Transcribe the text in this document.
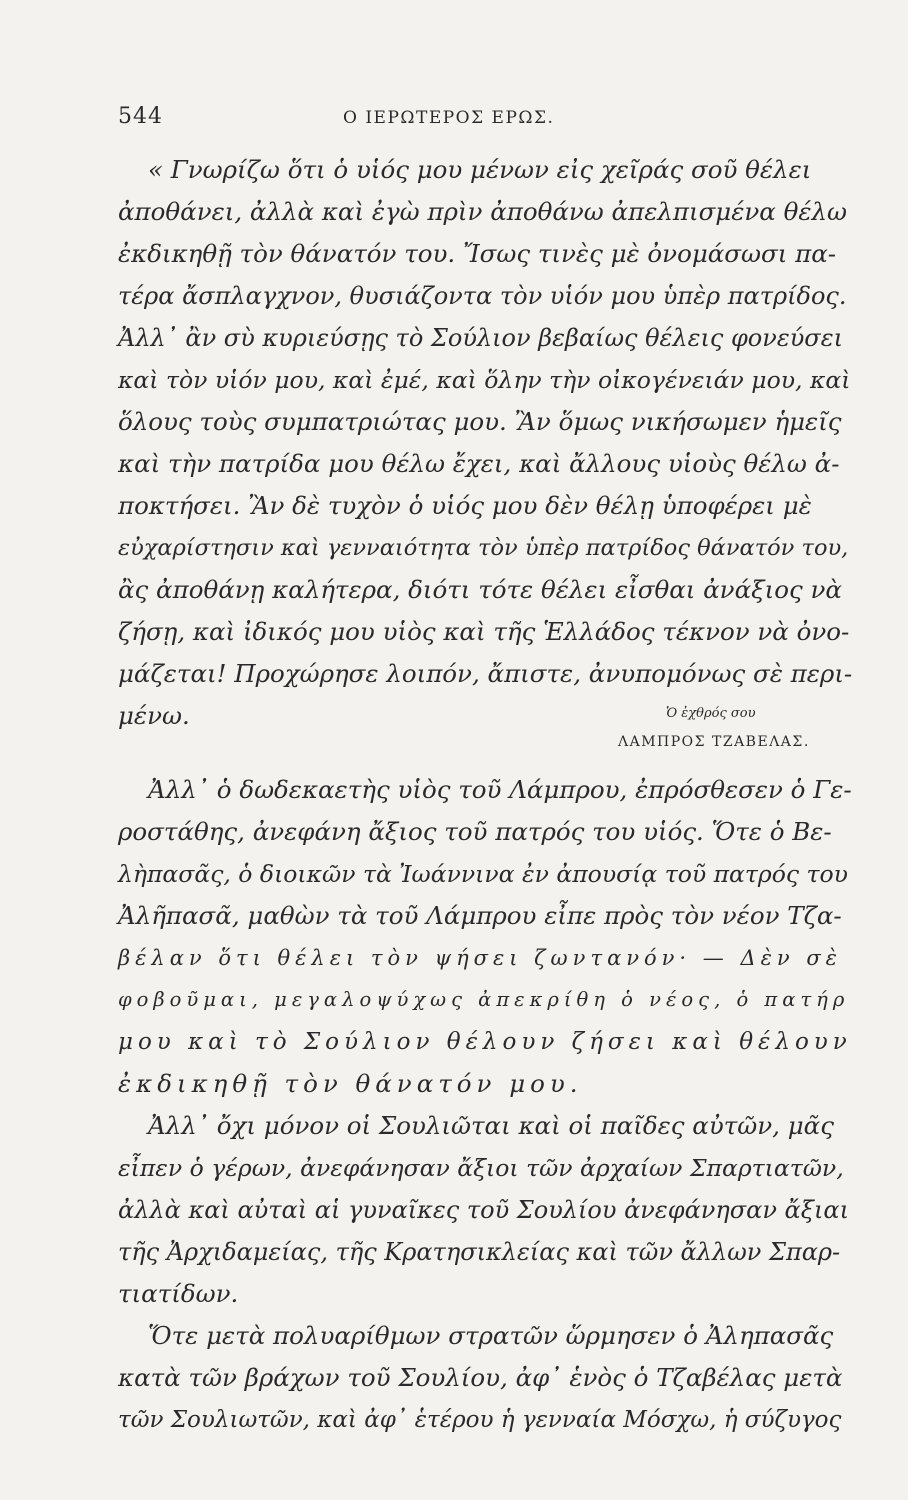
544	Ο ΙΕΡΩΤΕΡΟΣ ΕΡΩΣ.
« Γνωρίζω ὅτι ὁ υἱός μου μένων εἰς χεῖράς σοῦ θέλει
ἀποθάνει, ἀλλὰ καὶ ἐγὼ πρὶν ἀποθάνω ἀπελπισμένα θέλω
ἐκδικηθῇ τὸν θάνατόν του. Ἴσως τινὲς μὲ ὀνομάσωσι πα-
τέρα ἄσπλαγχνον, θυσιάζοντα τὸν υἱόν μου ὑπὲρ πατρίδος.
Ἀλλ᾽ ἂν σὺ κυριεύσῃς τὸ Σούλιον βεβαίως θέλεις φονεύσει
καὶ τὸν υἱόν μου, καὶ ἐμέ, καὶ ὅλην τὴν οἰκογένειάν μου, καὶ
ὅλους τοὺς συμπατριώτας μου. Ἂν ὅμως νικήσωμεν ἡμεῖς
καὶ τὴν πατρίδα μου θέλω ἔχει, καὶ ἄλλους υἱοὺς θέλω ἀ-
ποκτήσει. Ἂν δὲ τυχὸν ὁ υἱός μου δὲν θέλῃ ὑποφέρει μὲ
εὐχαρίστησιν καὶ γενναιότητα τὸν ὑπὲρ πατρίδος θάνατόν του,
ἂς ἀποθάνῃ καλήτερα, διότι τότε θέλει εἶσθαι ἀνάξιος νὰ
ζήσῃ, καὶ ἰδικός μου υἱὸς καὶ τῆς Ἑλλάδος τέκνον νὰ ὀνο-
μάζεται! Προχώρησε λοιπόν, ἄπιστε, ἀνυπομόνως σὲ περι-
μένω.	Ὁ ἐχθρός σου
ΛΑΜΠΡΟΣ ΤΖΑΒΕΛΑΣ.
Ἀλλ᾽ ὁ δωδεκαετὴς υἱὸς τοῦ Λάμπρου, ἐπρόσθεσεν ὁ Γε-
ροστάθης, ἀνεφάνη ἄξιος τοῦ πατρός του υἱός. Ὅτε ὁ Βε-
λὴπασᾶς, ὁ διοικῶν τὰ Ἰωάννινα ἐν ἀπουσίᾳ τοῦ πατρός του
Ἀλῆπασᾶ, μαθὼν τὰ τοῦ Λάμπρου εἶπε πρὸς τὸν νέον Τζα-
βέλαν ὅτι θέλει τὸν ψήσει ζωντανόν· — Δὲν σὲ
φοβοῦμαι, μεγαλοψύχως ἀπεκρίθη ὁ νέος, ὁ πατήρ
μου καὶ τὸ Σούλιον θέλουν ζήσει καὶ θέλουν
ἐκδικηθῇ τὸν θάνατόν μου.
Ἀλλ᾽ ὄχι μόνον οἱ Σουλιῶται καὶ οἱ παῖδες αὐτῶν, μᾶς
εἶπεν ὁ γέρων, ἀνεφάνησαν ἄξιοι τῶν ἀρχαίων Σπαρτιατῶν,
ἀλλὰ καὶ αὐταὶ αἱ γυναῖκες τοῦ Σουλίου ἀνεφάνησαν ἄξιαι
τῆς Ἀρχιδαμείας, τῆς Κρατησικλείας καὶ τῶν ἄλλων Σπαρ-
τιατίδων.
Ὅτε μετὰ πολυαρίθμων στρατῶν ὥρμησεν ὁ Ἀληπασᾶς
κατὰ τῶν βράχων τοῦ Σουλίου, ἀφ᾽ ἑνὸς ὁ Τζαβέλας μετὰ
τῶν Σουλιωτῶν, καὶ ἀφ᾽ ἑτέρου ἡ γενναία Μόσχω, ἡ σύζυγος
